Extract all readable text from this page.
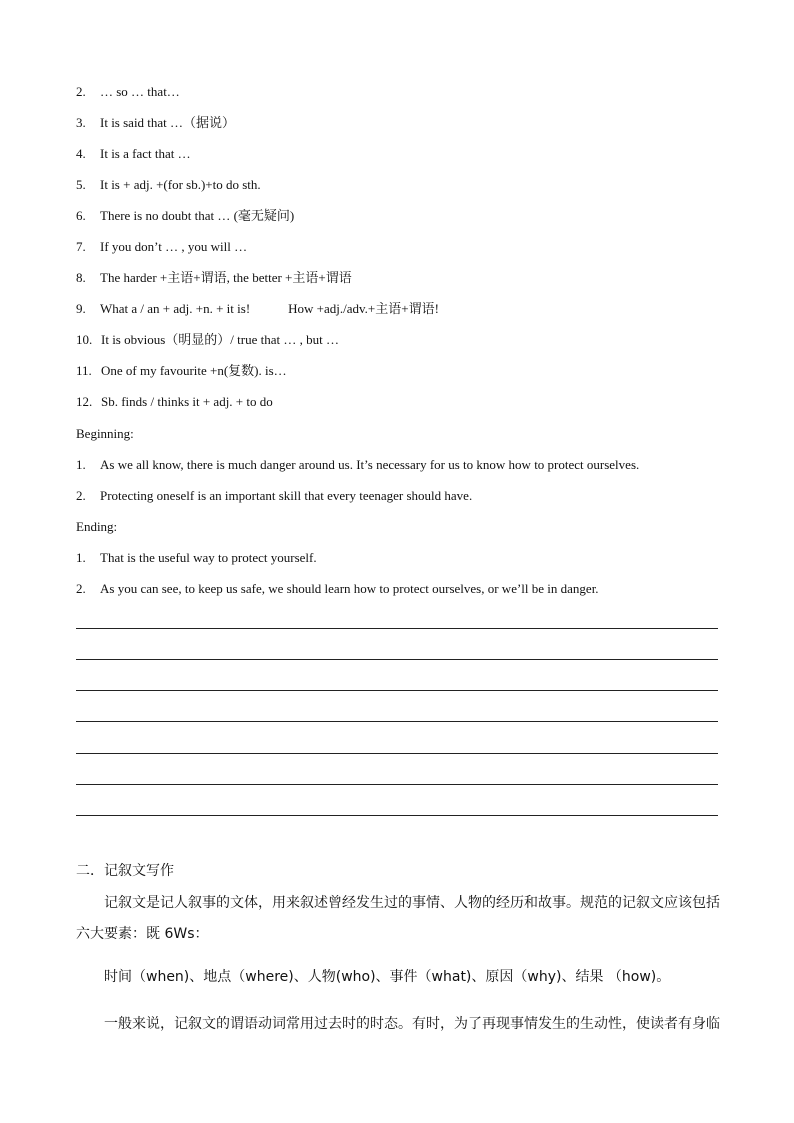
2. … so … that…
3. It is said that …（据说）
4. It is a fact that …
5. It is + adj. +(for sb.)+to do sth.
6. There is no doubt that … (毫无疑问)
7. If you don’t … , you will …
8. The harder +主语+谓语, the better +主语+谓语
9. What a / an + adj. +n. + it is!	How +adj./adv.+主语+谓语!
10. It is obvious（明显的）/ true that … , but …
11. One of my favourite +n(复数). is…
12. Sb. finds / thinks it + adj. + to do
Beginning:
1. As we all know, there is much danger around us. It’s necessary for us to know how to protect ourselves.
2. Protecting oneself is an important skill that every teenager should have.
Ending:
1. That is the useful way to protect yourself.
2. As you can see, to keep us safe, we should learn how to protect ourselves, or we’ll be in danger.
二．记叙文写作
记叙文是记人叙事的文体，用来叙述曾经发生过的事情、人物的经历和故事。规范的记叙文应该包括
六大要素：既 6Ws：
时间（when)、地点（where)、人物(who)、事件（what)、原因（why)、结果 （how)。
一般来说，记叙文的谓语动词常用过去时的时态。有时，为了再现事情发生的生动性，使读者有身临
